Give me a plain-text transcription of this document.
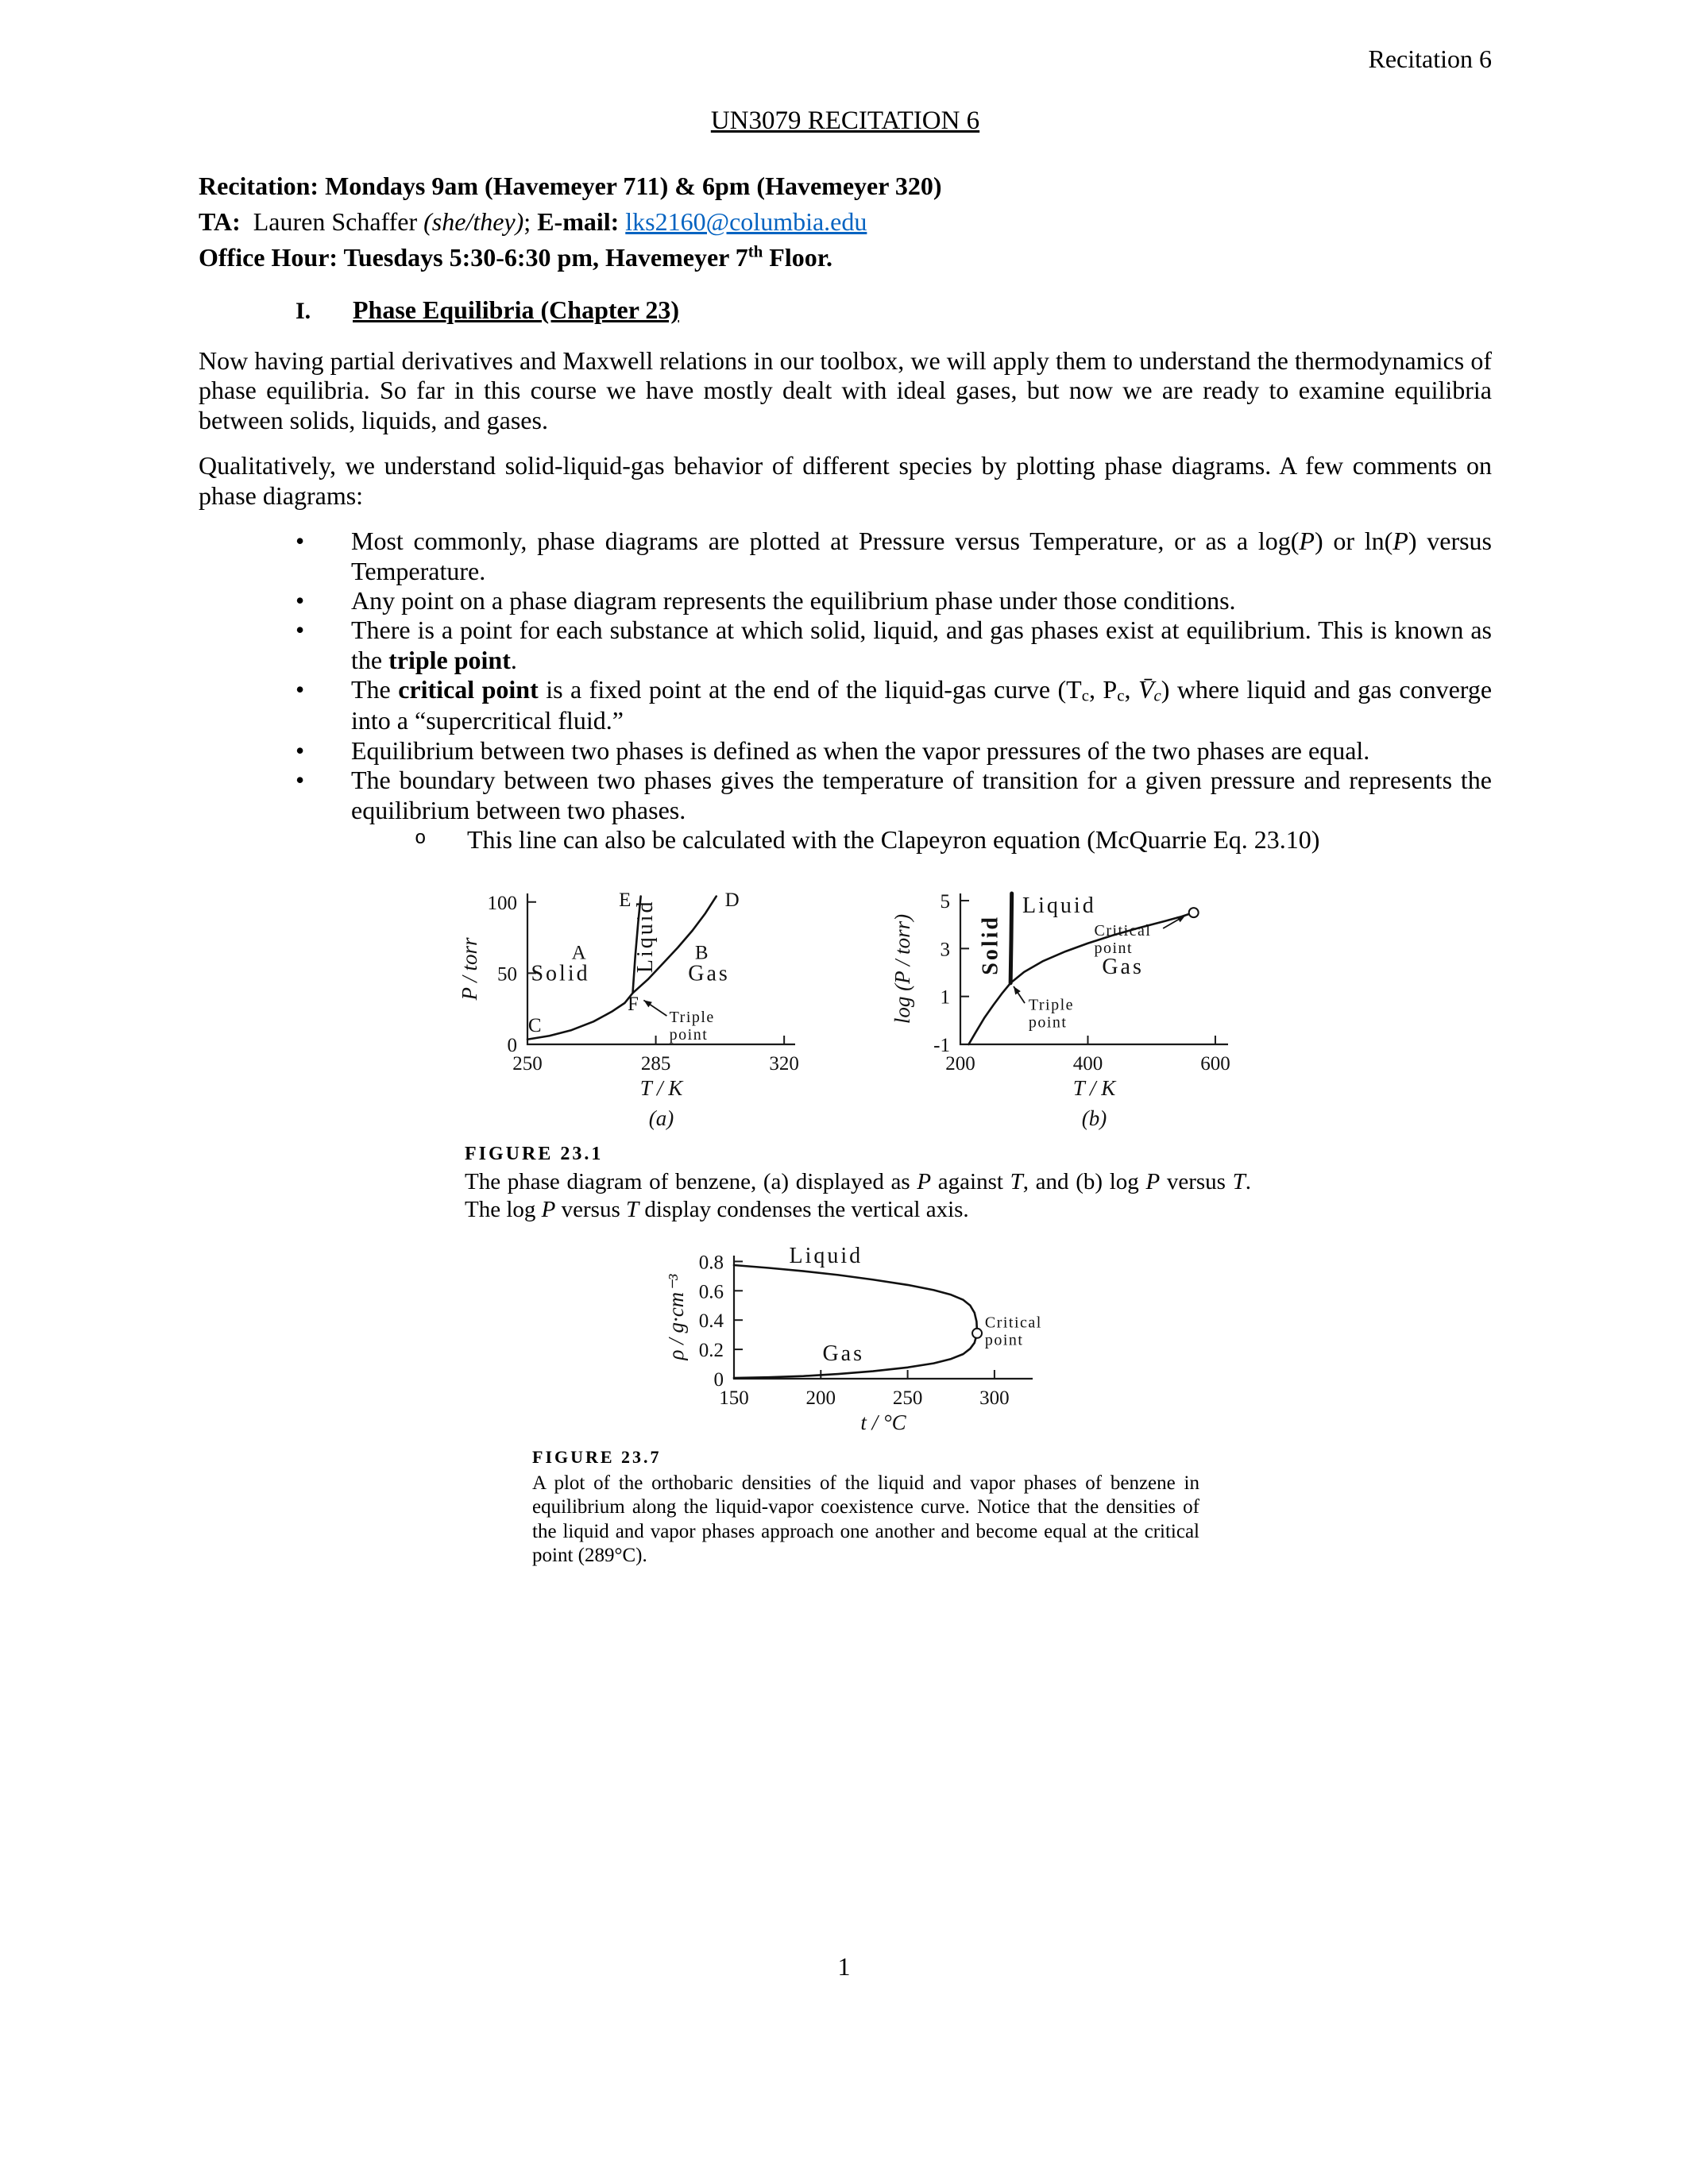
Recitation 6
UN3079 RECITATION 6
Recitation: Mondays 9am (Havemeyer 711) & 6pm (Havemeyer 320)
TA:  Lauren Schaffer (she/they); E-mail: lks2160@columbia.edu
Office Hour: Tuesdays 5:30-6:30 pm, Havemeyer 7th Floor.
I. Phase Equilibria (Chapter 23)

Now having partial derivatives and Maxwell relations in our toolbox, we will apply them to understand the thermodynamics of phase equilibria. So far in this course we have mostly dealt with ideal gases, but now we are ready to examine equilibria between solids, liquids, and gases.

Qualitatively, we understand solid-liquid-gas behavior of different species by plotting phase diagrams. A few comments on phase diagrams:

•	Most commonly, phase diagrams are plotted at Pressure versus Temperature, or as a log(P) or ln(P) versus Temperature.
•	Any point on a phase diagram represents the equilibrium phase under those conditions.
•	There is a point for each substance at which solid, liquid, and gas phases exist at equilibrium. This is known as the triple point.
•	The critical point is a fixed point at the end of the liquid-gas curve (Tc, Pc, V̄c) where liquid and gas converge into a “supercritical fluid.”
•	Equilibrium between two phases is defined as when the vapor pressures of the two phases are equal.
•	The boundary between two phases gives the temperature of transition for a given pressure and represents the equilibrium between two phases.
o	This line can also be calculated with the Clapeyron equation (McQuarrie Eq. 23.10)
0
50
100
250	285	320
E	D
A	B
C
F
Solid	Gas
Liquid
Triple
point
P / torr
T / K
(a)
-1
1
3
5
200	400	600
Liquid
Solid	Gas
Critical
point
Triple
point
log (P / torr)
T / K
(b)
FIGURE 23.1
The phase diagram of benzene, (a) displayed as P against T, and (b) log P versus T. The log P versus T display condenses the vertical axis.
0
0.2
0.4
0.6
0.8
150	200	250	300
Liquid
Gas
Critical
point
ρ / g·cm⁻³
t / °C
FIGURE 23.7
A plot of the orthobaric densities of the liquid and vapor phases of benzene in equilibrium along the liquid-vapor coexistence curve. Notice that the densities of the liquid and vapor phases approach one another and become equal at the critical point (289°C).
1
